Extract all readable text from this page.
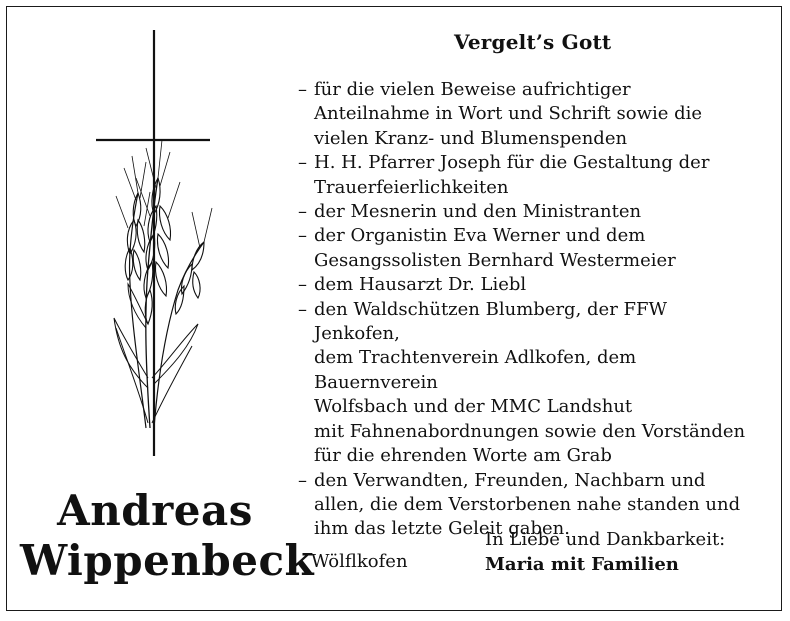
Vergelt’s Gott
– für die vielen Beweise aufrichtiger
Anteilnahme in Wort und Schrift sowie die
vielen Kranz- und Blumenspenden
– H. H. Pfarrer Joseph für die Gestaltung der
Trauerfeierlichkeiten
– der Mesnerin und den Ministranten
– der Organistin Eva Werner und dem
Gesangssolisten Bernhard Westermeier
– dem Hausarzt Dr. Liebl
– den Waldschützen Blumberg, der FFW Jenkofen,
dem Trachtenverein Adlkofen, dem Bauernverein
Wolfsbach und der MMC Landshut
mit Fahnenabordnungen sowie den Vorständen
für die ehrenden Worte am Grab
– den Verwandten, Freunden, Nachbarn und
allen, die dem Verstorbenen nahe standen und
ihm das letzte Geleit gaben.
Andreas
Wippenbeck
Wölflkofen
In Liebe und Dankbarkeit:
Maria mit Familien
